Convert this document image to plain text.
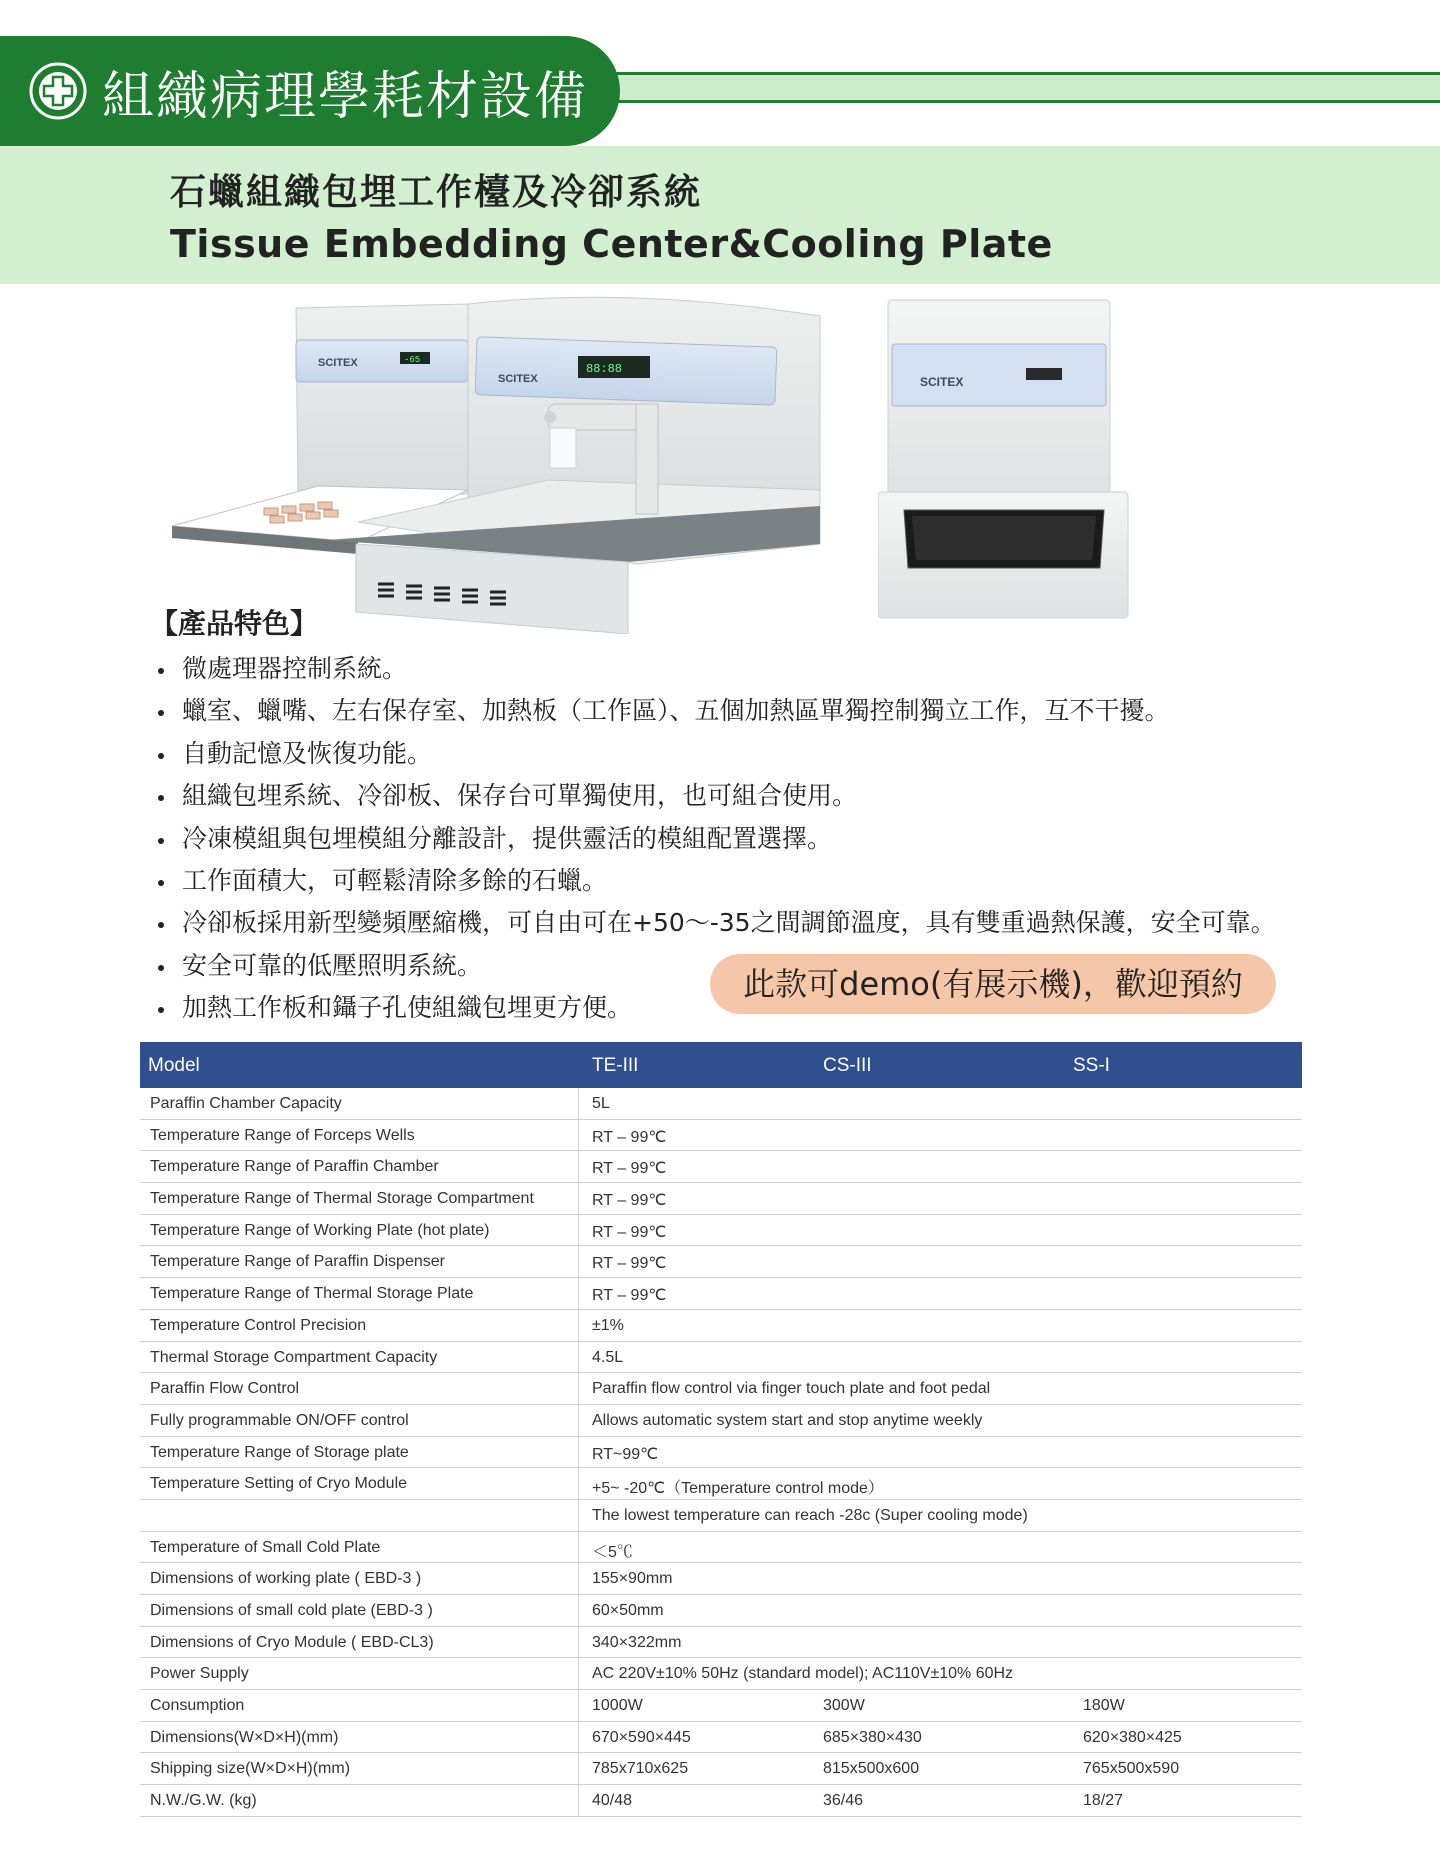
組織病理學耗材設備
石蠟組織包埋工作檯及冷卻系統
Tissue Embedding Center&Cooling Plate
SCITEX	-65
SCITEX
88:88
SCITEX
【產品特色】
微處理器控制系統。
蠟室、蠟嘴、左右保存室、加熱板（工作區）、五個加熱區單獨控制獨立工作，互不干擾。
自動記憶及恢復功能。
組織包埋系統、冷卻板、保存台可單獨使用，也可組合使用。
冷凍模組與包埋模組分離設計，提供靈活的模組配置選擇。
工作面積大，可輕鬆清除多餘的石蠟。
冷卻板採用新型變頻壓縮機，可自由可在+50～-35之間調節溫度，具有雙重過熱保護，安全可靠。
安全可靠的低壓照明系統。
加熱工作板和鑷子孔使組織包埋更方便。
此款可demo(有展示機)，歡迎預約
Model	TE-III	CS-III	SS-I
Paraffin Chamber Capacity	5L
Temperature Range of Forceps Wells	RT – 99℃
Temperature Range of Paraffin Chamber	RT – 99℃
Temperature Range of Thermal Storage Compartment	RT – 99℃
Temperature Range of Working Plate (hot plate)	RT – 99℃
Temperature Range of Paraffin Dispenser	RT – 99℃
Temperature Range of Thermal Storage Plate	RT – 99℃
Temperature Control Precision	±1%
Thermal Storage Compartment Capacity	4.5L
Paraffin Flow Control	Paraffin flow control via finger touch plate and foot pedal
Fully programmable ON/OFF control	Allows automatic system start and stop anytime weekly
Temperature Range of Storage plate	RT~99℃
Temperature Setting of Cryo Module	+5~ -20℃（Temperature control mode）
The lowest temperature can reach -28c (Super cooling mode)
Temperature of Small Cold Plate	＜5℃
Dimensions of working plate ( EBD-3 )	155×90mm
Dimensions of small cold plate (EBD-3 )	60×50mm
Dimensions of Cryo Module ( EBD-CL3)	340×322mm
Power Supply	AC 220V±10% 50Hz (standard model); AC110V±10% 60Hz
Consumption	1000W	300W	180W
Dimensions(W×D×H)(mm)	670×590×445	685×380×430	620×380×425
Shipping size(W×D×H)(mm)	785x710x625	815x500x600	765x500x590
N.W./G.W. (kg)	40/48	36/46	18/27
